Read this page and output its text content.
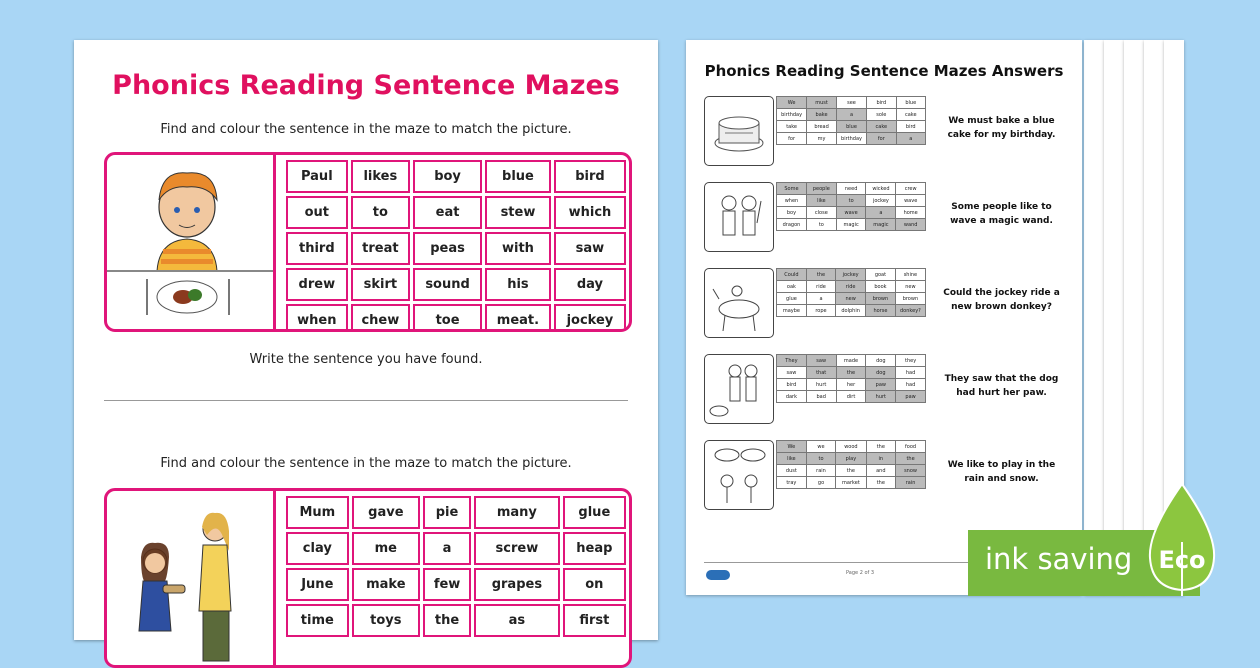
Phonics Reading Sentence Mazes
Find and colour the sentence in the maze to match the picture.
Paul	likes	boy	blue	bird
out	to	eat	stew	which
third	treat	peas	with	saw
drew	skirt	sound	his	day
when	chew	toe	meat.	jockey
Write the sentence you have found.
Find and colour the sentence in the maze to match the picture.
Mum	gave	pie	many	glue
clay	me	a	screw	heap
June	make	few	grapes	on
time	toys	the	as	first
Phonics Reading Sentence Mazes Answers
We	must	see	bird	blue
birthday	bake	a	sole	cake
take	bread	blue	cake	bird
for	my	birthday	for	a
We must bake a blue cake for my birthday.
Some	people	need	wicked	crew
when	like	to	jockey	wave
boy	close	wave	a	home
dragon	to	magic	magic	wand
Some people like to wave a magic wand.
Could	the	jockey	goat	shine
oak	ride	ride	book	new
glue	a	new	brown	brown
maybe	rope	dolphin	horse	donkey?
Could the jockey ride a new brown donkey?
They	saw	made	dog	they
saw	that	the	dog	had
bird	hurt	her	paw	had
dark	bad	dirt	hurt	paw
They saw that the dog had hurt her paw.
We	we	wood	the	food
like	to	play	in	the
dust	rain	the	and	snow
tray	go	market	the	rain
We like to play in the rain and snow.
Page 2 of 3	ink saving Eco
